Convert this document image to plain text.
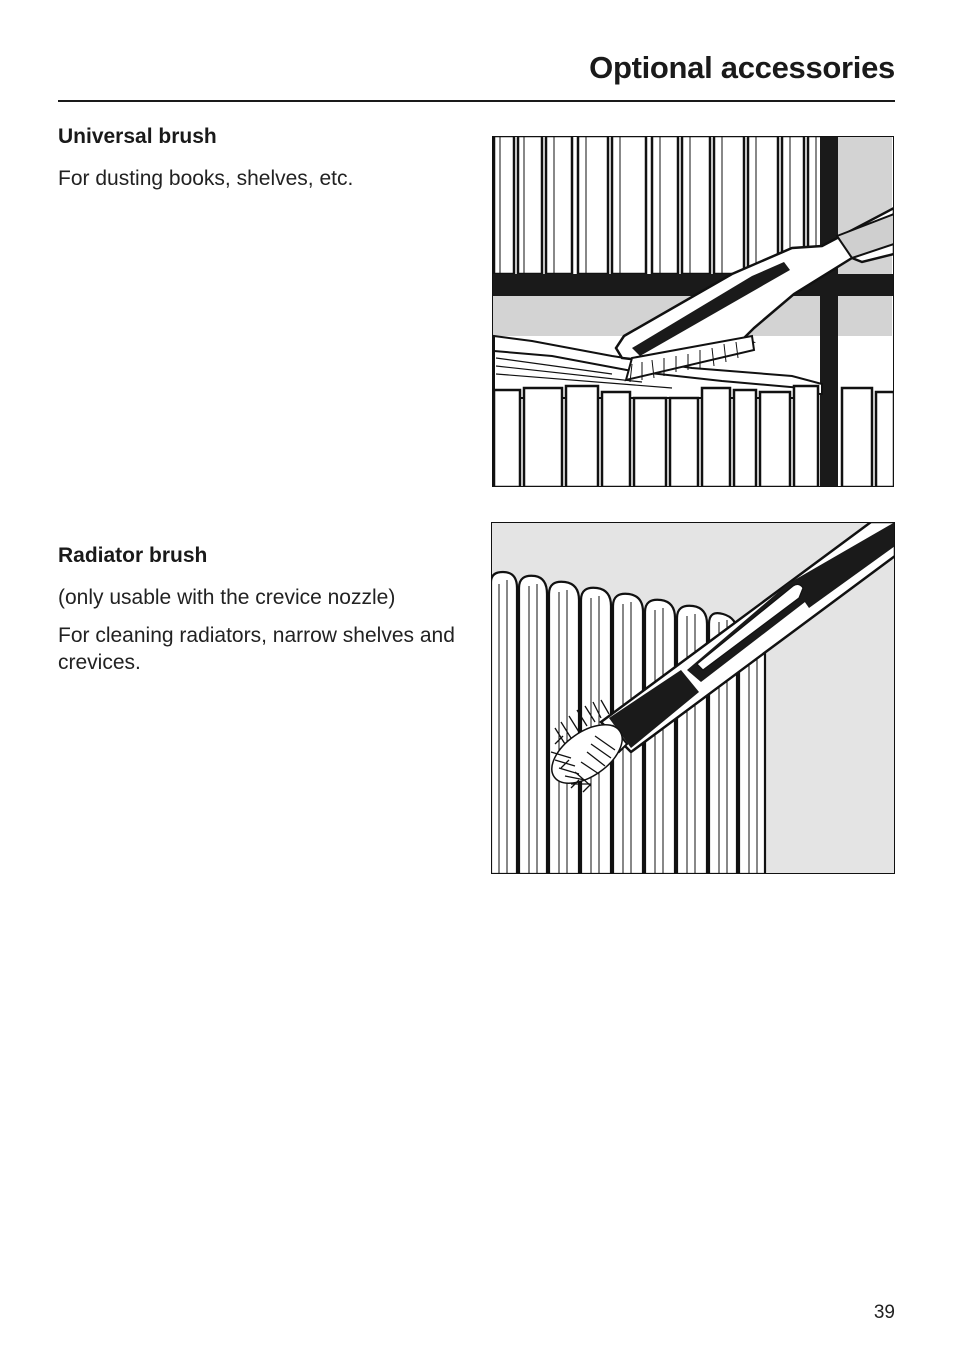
Optional accessories
Universal brush

For dusting books, shelves, etc.

Radiator brush

(only usable with the crevice nozzle)

For cleaning radiators, narrow shelves and crevices.

39
